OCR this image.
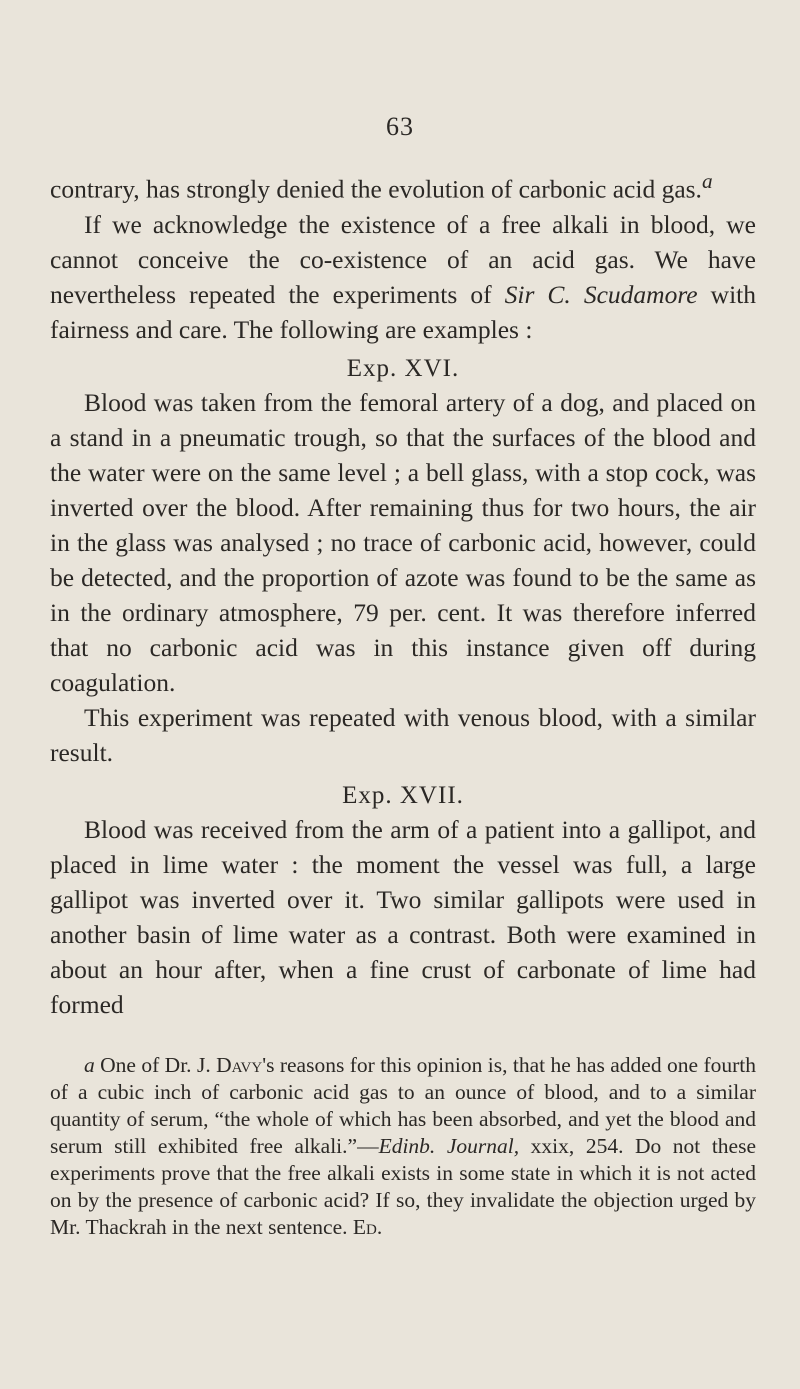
63

contrary, has strongly denied the evolution of carbonic acid gas.$^a$

If we acknowledge the existence of a free alkali in blood, we cannot conceive the co-existence of an acid gas. We have nevertheless repeated the experiments of Sir C. Scudamore with fairness and care. The following are examples :

Exp. XVI.

Blood was taken from the femoral artery of a dog, and placed on a stand in a pneumatic trough, so that the surfaces of the blood and the water were on the same level ; a bell glass, with a stop cock, was inverted over the blood. After remaining thus for two hours, the air in the glass was analysed ; no trace of carbonic acid, however, could be detected, and the proportion of azote was found to be the same as in the ordinary atmosphere, 79 per. cent. It was therefore inferred that no carbonic acid was in this instance given off during coagulation.

This experiment was repeated with venous blood, with a similar result.

Exp. XVII.

Blood was received from the arm of a patient into a gallipot, and placed in lime water : the moment the vessel was full, a large gallipot was inverted over it. Two similar gallipots were used in another basin of lime water as a contrast. Both were examined in about an hour after, when a fine crust of carbonate of lime had formed

a One of Dr. J. Davy's reasons for this opinion is, that he has added one fourth of a cubic inch of carbonic acid gas to an ounce of blood, and to a similar quantity of serum, “the whole of which has been absorbed, and yet the blood and serum still exhibited free alkali.”—Edinb. Journal, xxix, 254. Do not these experiments prove that the free alkali exists in some state in which it is not acted on by the presence of carbonic acid? If so, they invalidate the objection urged by Mr. Thackrah in the next sentence. Ed.
